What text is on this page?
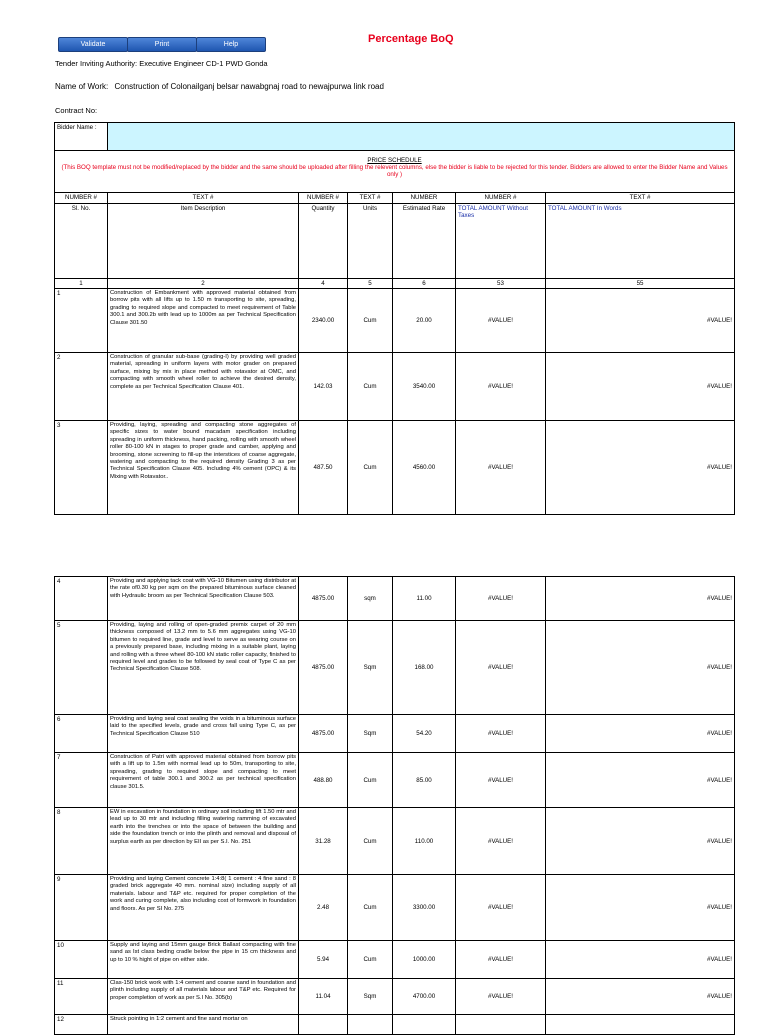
Validate	Print	Help	Percentage BoQ
Tender Inviting Authority: Executive Engineer CD-1 PWD Gonda
Name of Work: Construction of Colonailganj belsar nawabgnaj road to newajpurwa link road
Contract No:
Bidder Name :						

PRICE SCHEDULE
(This BOQ template must not be modified/replaced by the bidder and the same should be uploaded after filling the relevent columns, else the bidder is liable to be rejected for this tender. Bidders are allowed to enter the Bidder Name and Values only )						

NUMBER #	TEXT #	NUMBER #	TEXT #	NUMBER	NUMBER #	TEXT #
Sl. No.	Item Description	Quantity	Units	Estimated Rate	TOTAL AMOUNT Without Taxes	TOTAL AMOUNT In Words
1	2	4	5	6	53	55
1	Construction of Embankment with approved material obtained from borrow pits with all lifts up to 1.50 m transporting to site, spreading, grading to required slope and compacted to meet requirement of Table 300.1 and 300.2b with lead up to 1000m as per Technical Specification Clause 301.50	2340.00	Cum	20.00	#VALUE!	#VALUE!
2	Construction of granular sub-base (grading-I) by providing well graded material, spreading in uniform layers with motor grader on prepared surface, mixing by mix in place method with rotavator at OMC, and compacting with smooth wheel roller to achieve the desired density, complete as per Technical Specification Clause 401.	142.03	Cum	3540.00	#VALUE!	#VALUE!
3	Providing, laying, spreading and compacting stone aggregates of specific sizes to water bound macadam specification including spreading in uniform thickness, hand packing, rolling with smooth wheel roller 80-100 kN in stages to proper grade and camber, applying and brooming, stone screening to fill-up the interstices of coarse aggregate, watering and compacting to the required density Grading 3 as per Technical Specification Clause 405. Including 4% cement (OPC) & its Mixing with Rotavator..	487.50	Cum	4560.00	#VALUE!	#VALUE!
4	Providing and applying tack coat with VG-10 Bitumen using distributor at the rate of0.30 kg per sqm on the prepared bituminous surface cleaned with Hydraulic broom as per Technical Specification Clause 503.	4875.00	sqm	11.00	#VALUE!	#VALUE!
5	Providing, laying and rolling of open-graded premix carpet of 20 mm thickness composed of 13.2 mm to 5.6 mm aggregates using VG-10 bitumen to required line, grade and level to serve as wearing course on a previously prepared base, including mixing in a suitable plant, laying and rolling with a three wheel 80-100 kN static roller capacity, finished to required level and grades to be followed by seal coat of Type C as per Technical Specification Clause 508.	4875.00	Sqm	168.00	#VALUE!	#VALUE!
6	Providing and laying seal coat sealing the voids in a bituminous surface laid to the specified levels, grade and cross fall using Type C, as per Technical Specification Clause 510	4875.00	Sqm	54.20	#VALUE!	#VALUE!
7	Construction of Patri with approved material obtained from borrow pits with a lift up to 1.5m with normal lead up to 50m, transporting to site, spreading, grading to required slope and compacting to meet requirement of table 300.1 and 300.2 as per technical specification clause 301.5.	488.80	Cum	85.00	#VALUE!	#VALUE!
8	EW in excavation in foundation in ordinary soil including lift 1.50 mtr and lead up to 30 mtr and including filling watering ramming of excavated earth into the trenches or into the space of between the building and side the foundation trench or into the plinth and removal and disposal of surplus earth as per direction by EII as per S.I. No. 251	31.28	Cum	110.00	#VALUE!	#VALUE!
9	Providing and laying Cement concrete 1:4:8( 1 cement : 4 fine sand : 8 graded brick aggregate 40 mm. nominal size) including supply of all materials. labour and T&P etc. required for proper completion of the work and curing complete, also including cost of formwork in foundation and floors. As per SI No. 275	2.48	Cum	3300.00	#VALUE!	#VALUE!
10	Supply and laying and 15mm gauge Brick Ballast compacting with fine sand as Ist class beding cradle below the pipe in 15 cm thickness and up to 10 % hight of pipe on either side.	5.94	Cum	1000.00	#VALUE!	#VALUE!
11	Clas-150 brick work with 1:4 cement and coarse sand in foundation and plinth including supply of all materials labour and T&P etc. Required for proper completion of work as per S.I No. 305(b)	11.04	Sqm	4700.00	#VALUE!	#VALUE!
12	Struck pointing in 1:2 cement and fine sand mortar on					
